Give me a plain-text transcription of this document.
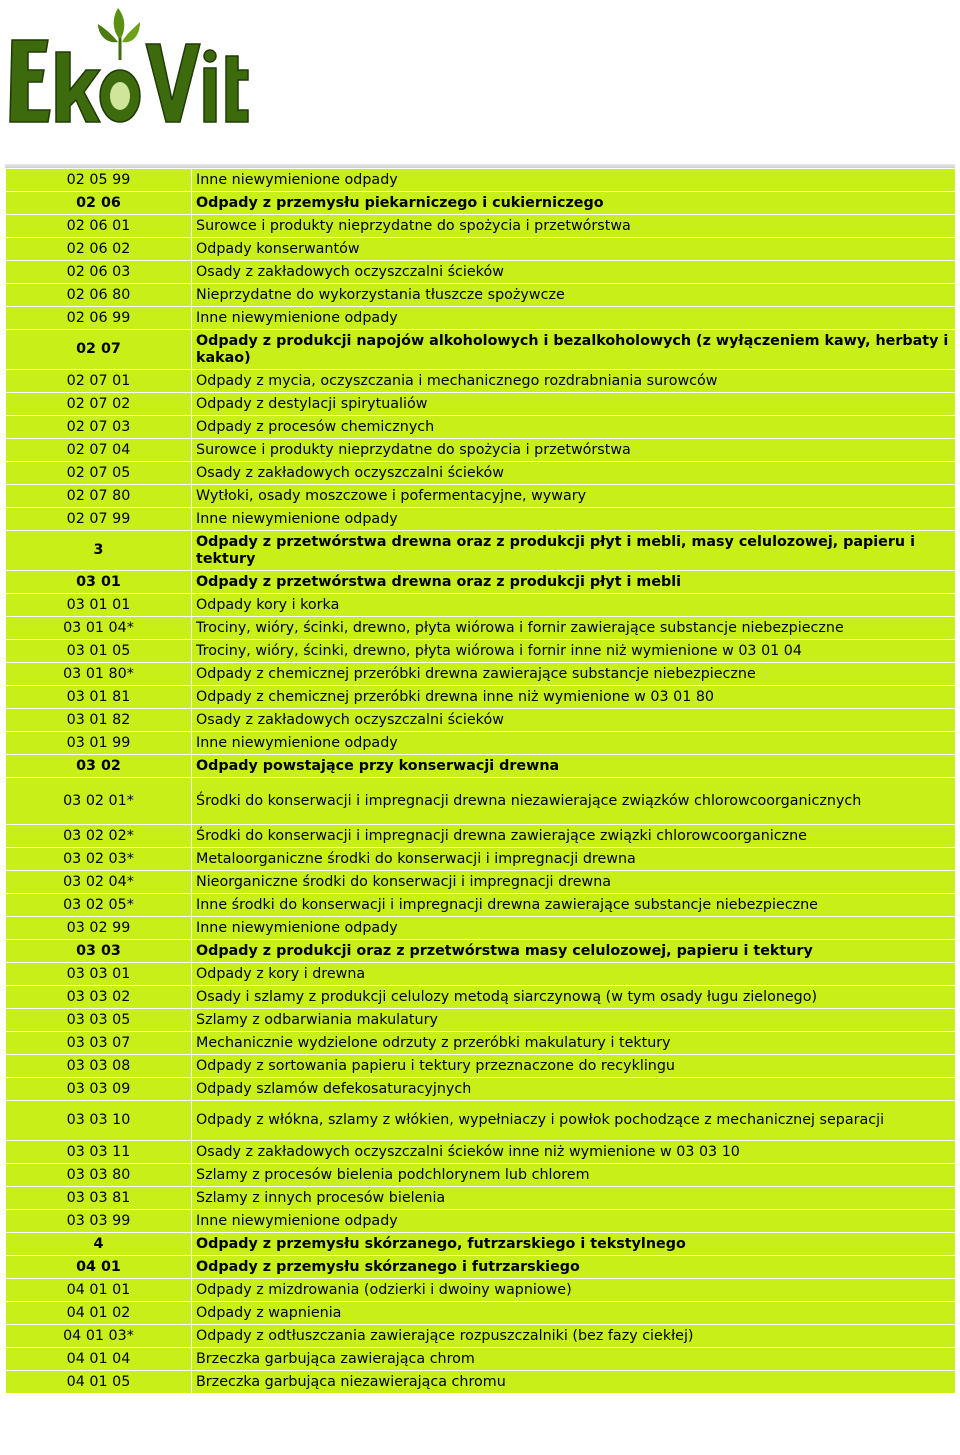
02 05 99	Inne niewymienione odpady
02 06	Odpady z przemysłu piekarniczego i cukierniczego
02 06 01	Surowce i produkty nieprzydatne do spożycia i przetwórstwa
02 06 02	Odpady konserwantów
02 06 03	Osady z zakładowych oczyszczalni ścieków
02 06 80	Nieprzydatne do wykorzystania tłuszcze spożywcze
02 06 99	Inne niewymienione odpady
02 07	Odpady z produkcji napojów alkoholowych i bezalkoholowych (z wyłączeniem kawy, herbaty i kakao)
02 07 01	Odpady z mycia, oczyszczania i mechanicznego rozdrabniania surowców
02 07 02	Odpady z destylacji spirytualiów
02 07 03	Odpady z procesów chemicznych
02 07 04	Surowce i produkty nieprzydatne do spożycia i przetwórstwa
02 07 05	Osady z zakładowych oczyszczalni ścieków
02 07 80	Wytłoki, osady moszczowe i pofermentacyjne, wywary
02 07 99	Inne niewymienione odpady
3	Odpady z przetwórstwa drewna oraz z produkcji płyt i mebli, masy celulozowej, papieru i tektury
03 01	Odpady z przetwórstwa drewna oraz z produkcji płyt i mebli
03 01 01	Odpady kory i korka
03 01 04*	Trociny, wióry, ścinki, drewno, płyta wiórowa i fornir zawierające substancje niebezpieczne
03 01 05	Trociny, wióry, ścinki, drewno, płyta wiórowa i fornir inne niż wymienione w 03 01 04
03 01 80*	Odpady z chemicznej przeróbki drewna zawierające substancje niebezpieczne
03 01 81	Odpady z chemicznej przeróbki drewna inne niż wymienione w 03 01 80
03 01 82	Osady z zakładowych oczyszczalni ścieków
03 01 99	Inne niewymienione odpady
03 02	Odpady powstające przy konserwacji drewna
03 02 01*	Środki do konserwacji i impregnacji drewna niezawierające związków chlorowcoorganicznych
03 02 02*	Środki do konserwacji i impregnacji drewna zawierające związki chlorowcoorganiczne
03 02 03*	Metaloorganiczne środki do konserwacji i impregnacji drewna
03 02 04*	Nieorganiczne środki do konserwacji i impregnacji drewna
03 02 05*	Inne środki do konserwacji i impregnacji drewna zawierające substancje niebezpieczne
03 02 99	Inne niewymienione odpady
03 03	Odpady z produkcji oraz z przetwórstwa masy celulozowej, papieru i tektury
03 03 01	Odpady z kory i drewna
03 03 02	Osady i szlamy z produkcji celulozy metodą siarczynową (w tym osady ługu zielonego)
03 03 05	Szlamy z odbarwiania makulatury
03 03 07	Mechanicznie wydzielone odrzuty z przeróbki makulatury i tektury
03 03 08	Odpady z sortowania papieru i tektury przeznaczone do recyklingu
03 03 09	Odpady szlamów defekosaturacyjnych
03 03 10	Odpady z włókna, szlamy z włókien, wypełniaczy i powłok pochodzące z mechanicznej separacji
03 03 11	Osady z zakładowych oczyszczalni ścieków inne niż wymienione w 03 03 10
03 03 80	Szlamy z procesów bielenia podchlorynem lub chlorem
03 03 81	Szlamy z innych procesów bielenia
03 03 99	Inne niewymienione odpady
4	Odpady z przemysłu skórzanego, futrzarskiego i tekstylnego
04 01	Odpady z przemysłu skórzanego i futrzarskiego
04 01 01	Odpady z mizdrowania (odzierki i dwoiny wapniowe)
04 01 02	Odpady z wapnienia
04 01 03*	Odpady z odtłuszczania zawierające rozpuszczalniki (bez fazy ciekłej)
04 01 04	Brzeczka garbująca zawierająca chrom
04 01 05	Brzeczka garbująca niezawierająca chromu
